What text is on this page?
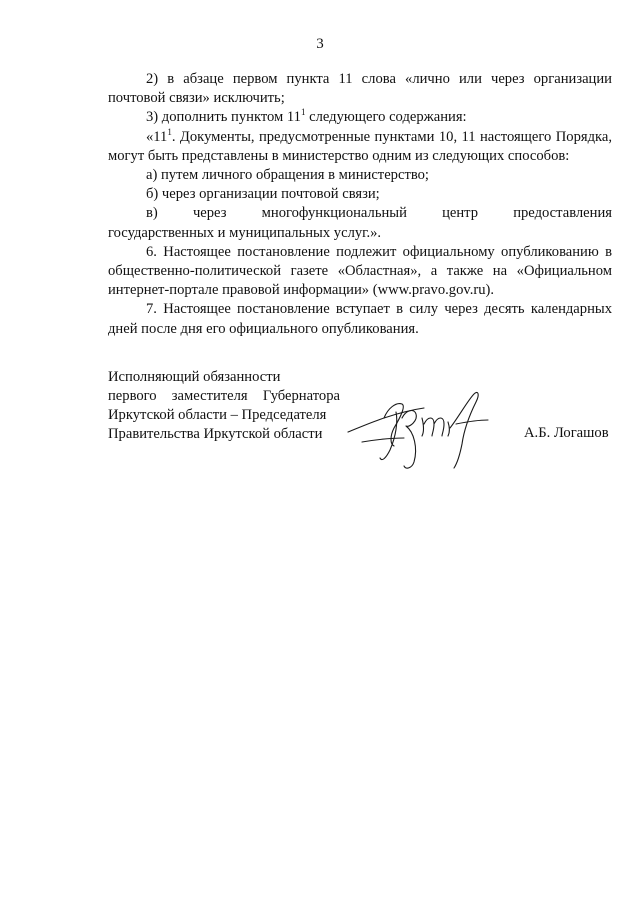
3

2) в абзаце первом пункта 11 слова «лично или через организации почтовой связи» исключить;

3) дополнить пунктом $11^1$ следующего содержания:

«$11^1$. Документы, предусмотренные пунктами 10, 11 настоящего Порядка, могут быть представлены в министерство одним из следующих способов:

а) путем личного обращения в министерство;

б) через организации почтовой связи;

в) через многофункциональный центр предоставления

государственных и муниципальных услуг.».

6. Настоящее постановление подлежит официальному опубликованию в общественно-политической газете «Областная», а также на «Официальном интернет-портале правовой информации» (www.pravo.gov.ru).

7. Настоящее постановление вступает в силу через десять календарных дней после дня его официального опубликования.

Исполняющий обязанности
первого заместителя Губернатора
Иркутской области – Председателя
Правительства Иркутской области	А.Б. Логашов
